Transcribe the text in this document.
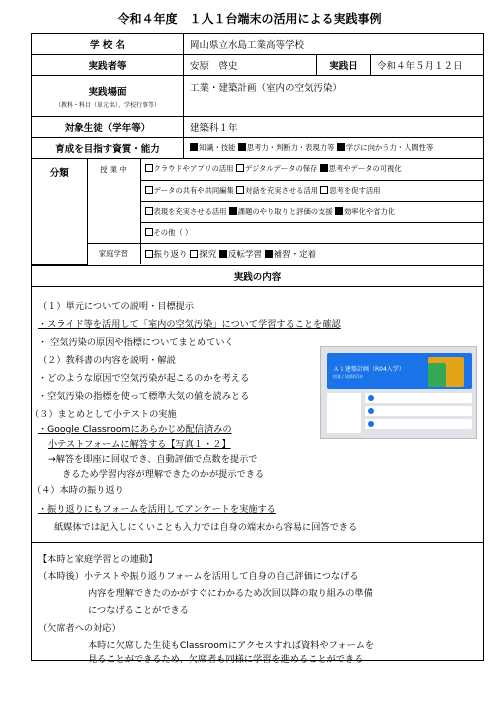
令和４年度　１人１台端末の活用による実践事例
学 校 名	岡山県立水島工業高等学校
実践者等	安原　啓史	実践日	令和４年５月１２日
実践場面
（教科・科目（単元名）、学校行事等）
	工業・建築計画（室内の空気汚染）
対象生徒（学年等）	建築科１年
育成を目指す資質・能力	知識・技能 思考力・判断力・表現力等 学びに向かう力・人間性等

分類	授 業 中	クラウドやアプリの活用 デジタルデータの保存 思考やデータの可視化
データの共有や共同編集 対話を充実させる活用 思考を促す活用
表現を充実させる活用 課題のやり取りと評価の支援 効率化や省力化
その他（ ）
家庭学習	振り返り 探究 反転学習 補習・定着

実践の内容

（１）単元についての説明・目標提示
・スライド等を活用して「室内の空気汚染」について学習することを確認
・ 空気汚染の原因や指標についてまとめていく
（２）教科書の内容を説明・解説
・どのような原因で空気汚染が起こるのかを考える
・空気汚染の指標を使って標準大気の値を読みとる
（３）まとめとして小テストの実施
・Google Classroomにあらかじめ配信済みの
小テストフォームに解答する【写真１・２】
→解答を即座に回収でき、自動評価で点数を提示で
きるため学習内容が理解できたのかが提示できる
（４）本時の振り返り
・振り返りにもフォームを活用してアンケートを実施する
紙媒体では記入しにくいことも入力では自身の端末から容易に回答できる
Ａ１建築計画（R04入学）
授業 / 建築科1年

【本時と家庭学習との連動】
（本時後）小テストや振り返りフォームを活用して自身の自己評価につなげる
内容を理解できたのかがすぐにわかるため次回以降の取り組みの準備
につなげることができる
（欠席者への対応）
本時に欠席した生徒もClassroomにアクセスすれば資料やフォームを
見ることができるため、欠席者も同様に学習を進めることができる
